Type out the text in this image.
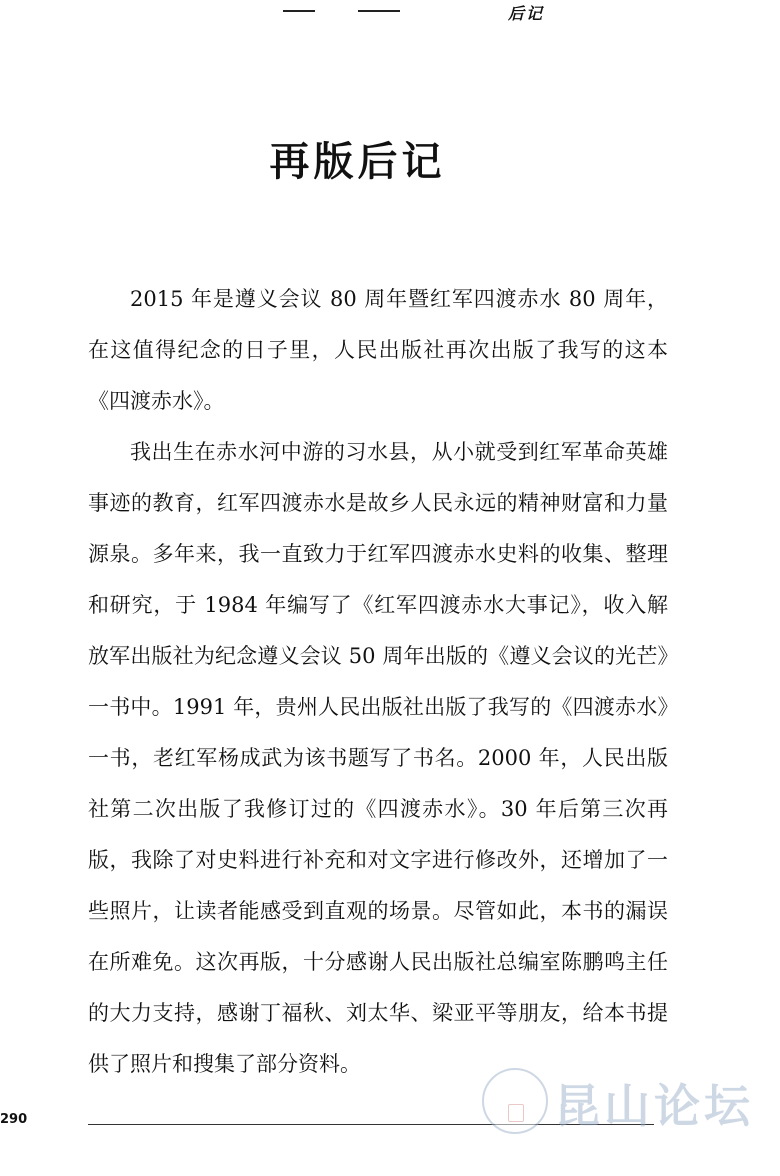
后记
再版后记

2015 年是遵义会议 80 周年暨红军四渡赤水 80 周年，在这值得纪念的日子里，人民出版社再次出版了我写的这本《四渡赤水》。

我出生在赤水河中游的习水县，从小就受到红军革命英雄事迹的教育，红军四渡赤水是故乡人民永远的精神财富和力量源泉。多年来，我一直致力于红军四渡赤水史料的收集、整理和研究，于 1984 年编写了《红军四渡赤水大事记》，收入解放军出版社为纪念遵义会议 50 周年出版的《遵义会议的光芒》一书中。1991 年，贵州人民出版社出版了我写的《四渡赤水》一书，老红军杨成武为该书题写了书名。2000 年，人民出版社第二次出版了我修订过的《四渡赤水》。30 年后第三次再版，我除了对史料进行补充和对文字进行修改外，还增加了一些照片，让读者能感受到直观的场景。尽管如此，本书的漏误在所难免。这次再版，十分感谢人民出版社总编室陈鹏鸣主任的大力支持，感谢丁福秋、刘太华、梁亚平等朋友，给本书提供了照片和搜集了部分资料。

290	昆山论坛
